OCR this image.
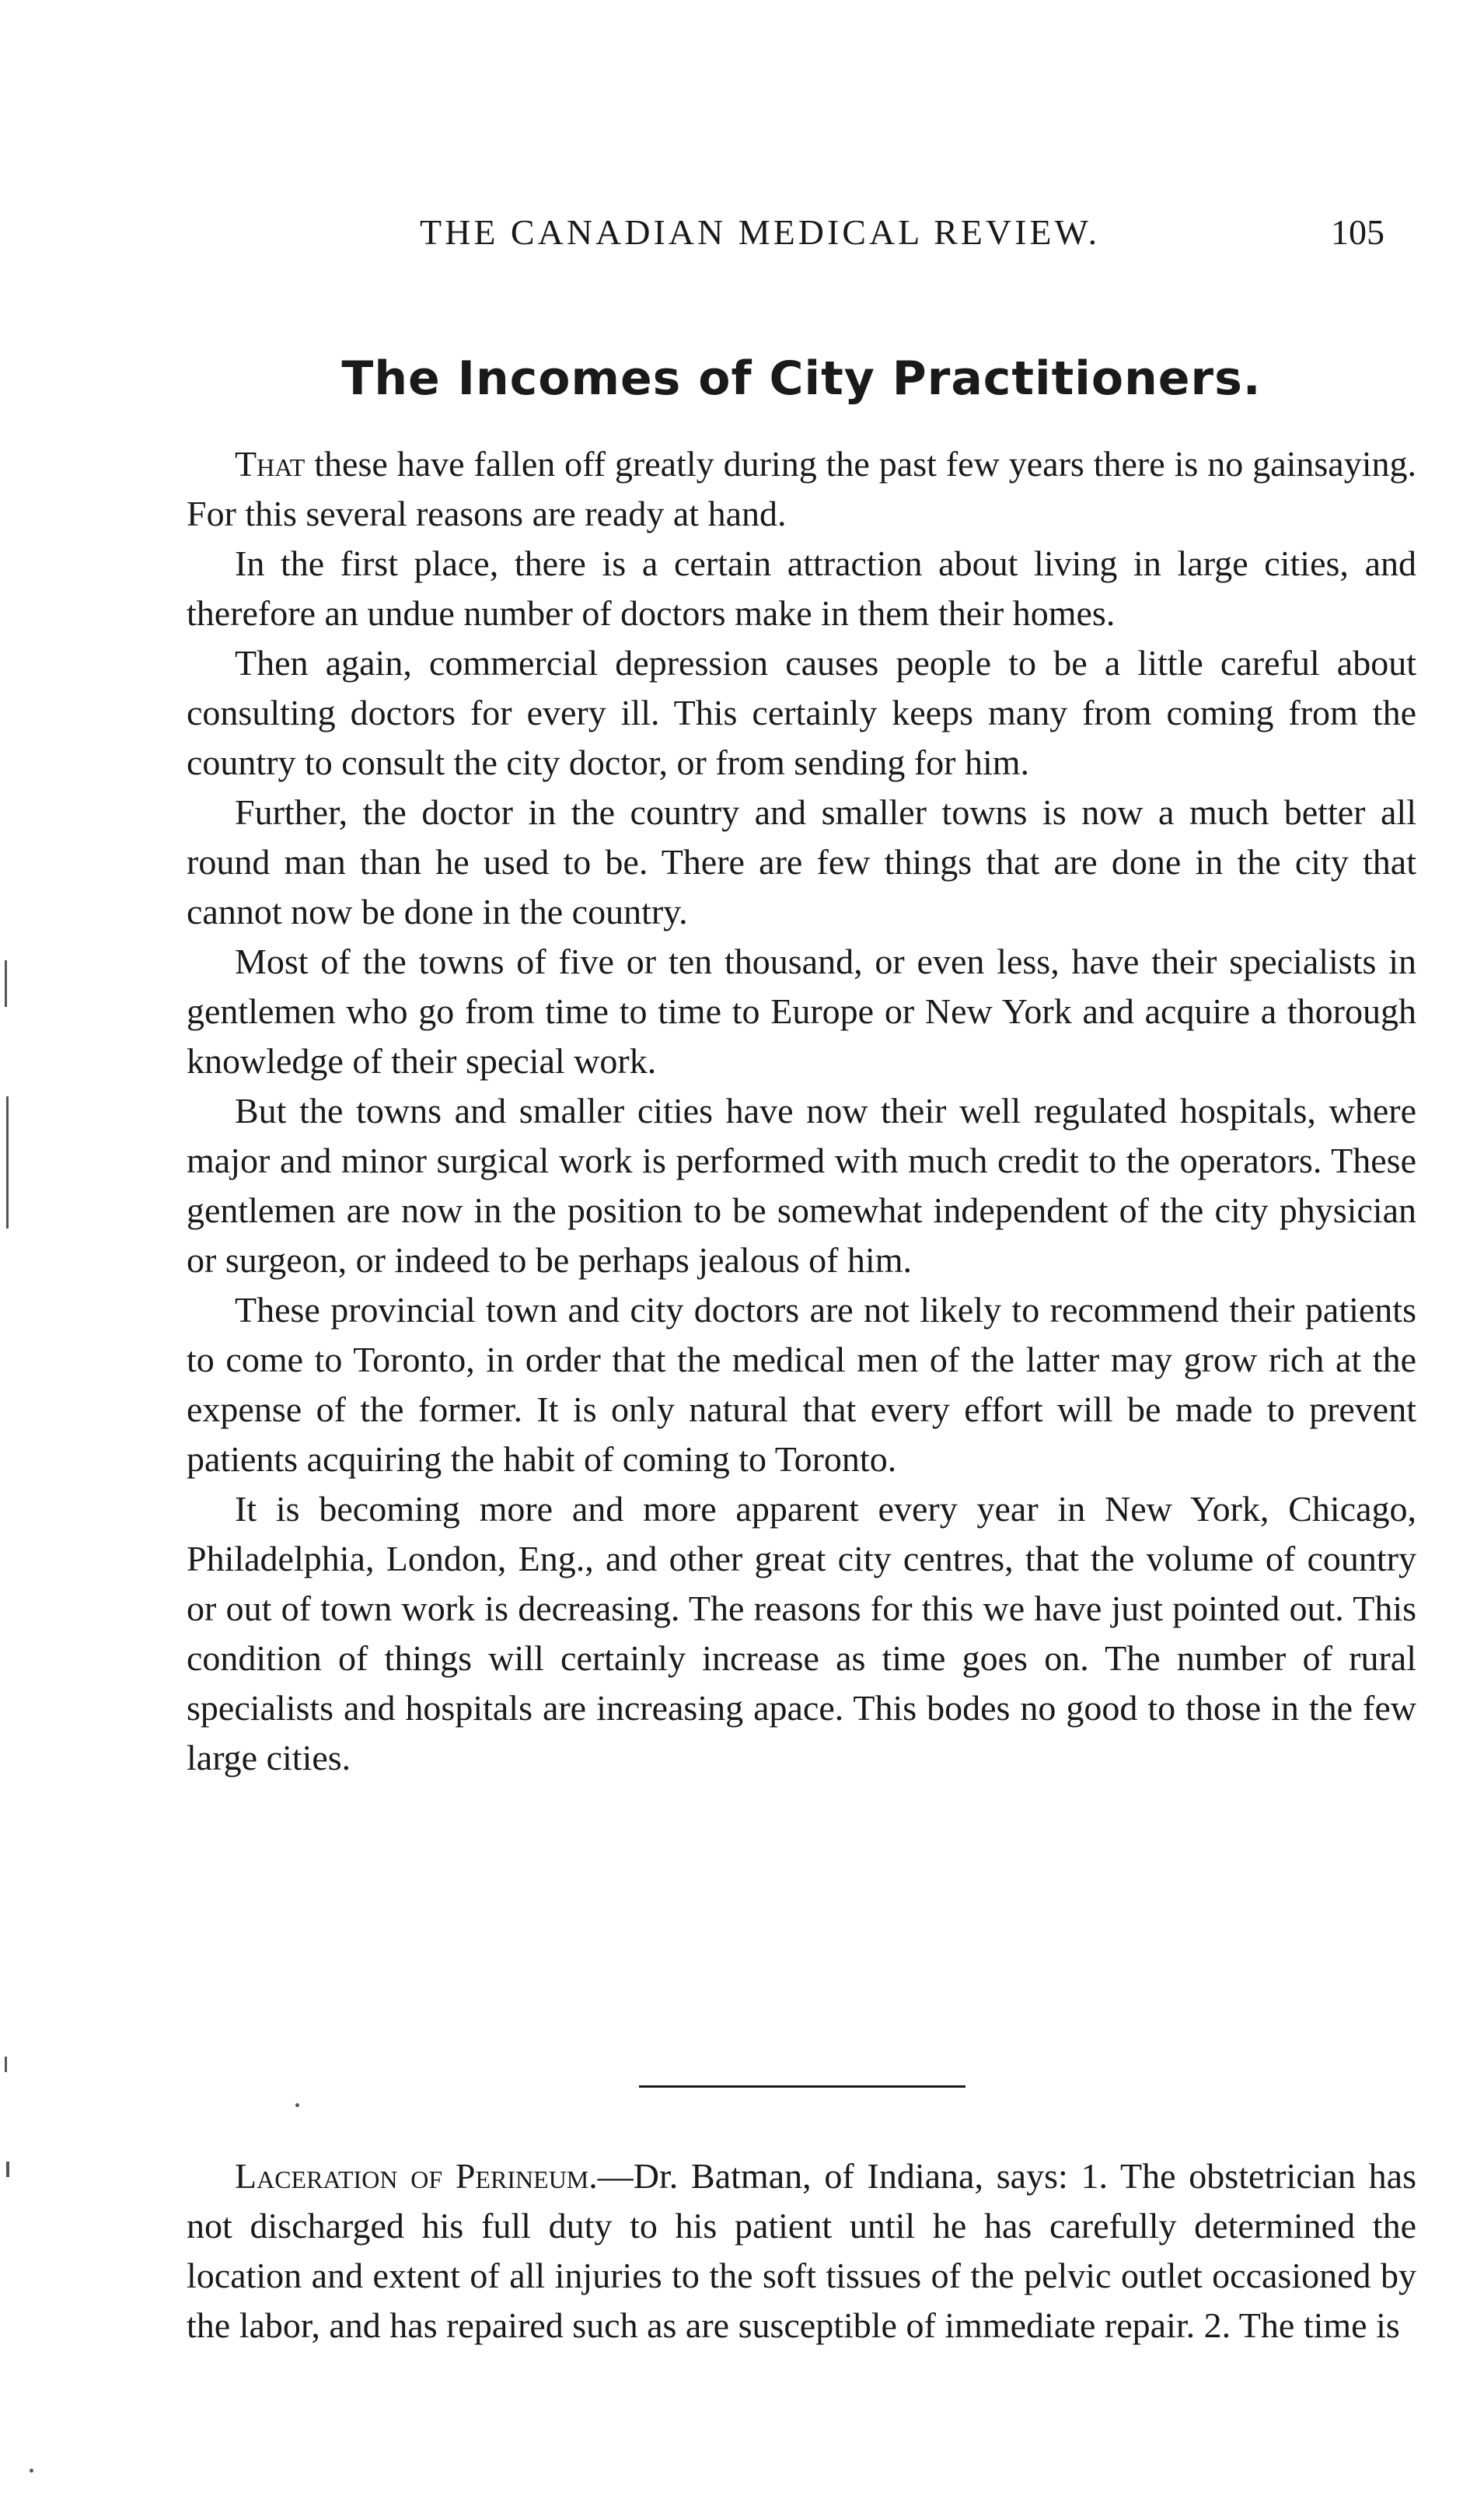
THE CANADIAN MEDICAL REVIEW.	105
The Incomes of City Practitioners.

That these have fallen off greatly during the past few years there is no gainsaying. For this several reasons are ready at hand.

In the first place, there is a certain attraction about living in large cities, and therefore an undue number of doctors make in them their homes.

Then again, commercial depression causes people to be a little careful about consulting doctors for every ill. This certainly keeps many from coming from the country to consult the city doctor, or from sending for him.

Further, the doctor in the country and smaller towns is now a much better all round man than he used to be. There are few things that are done in the city that cannot now be done in the country.

Most of the towns of five or ten thousand, or even less, have their specialists in gentlemen who go from time to time to Europe or New York and acquire a thorough knowledge of their special work.

But the towns and smaller cities have now their well regulated hospitals, where major and minor surgical work is performed with much credit to the operators. These gentlemen are now in the position to be somewhat independent of the city physician or surgeon, or indeed to be perhaps jealous of him.

These provincial town and city doctors are not likely to recommend their patients to come to Toronto, in order that the medical men of the latter may grow rich at the expense of the former. It is only natural that every effort will be made to prevent patients acquiring the habit of coming to Toronto.

It is becoming more and more apparent every year in New York, Chicago, Philadelphia, London, Eng., and other great city centres, that the volume of country or out of town work is decreasing. The reasons for this we have just pointed out. This condition of things will certainly increase as time goes on. The number of rural specialists and hospitals are increasing apace. This bodes no good to those in the few large cities.

Laceration of Perineum.—Dr. Batman, of Indiana, says: 1. The obstetrician has not discharged his full duty to his patient until he has carefully determined the location and extent of all injuries to the soft tissues of the pelvic outlet occasioned by the labor, and has repaired such as are susceptible of immediate repair. 2. The time is
